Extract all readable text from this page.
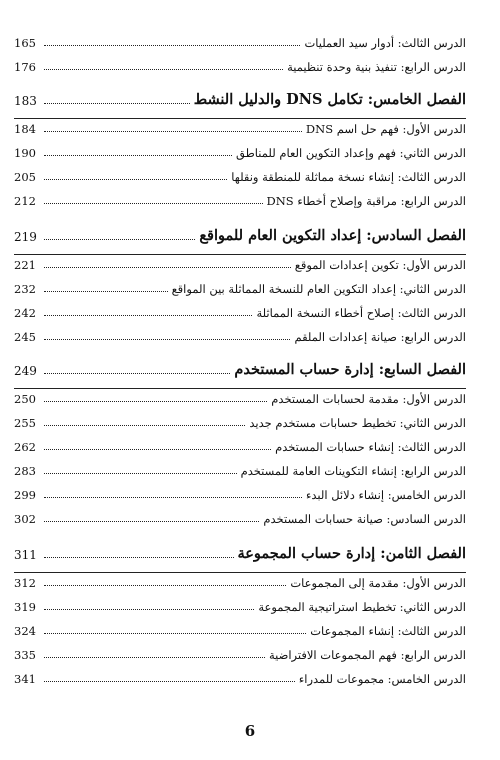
الدرس الثالث: أدوار سيد العمليات
165
الدرس الرابع: تنفيذ بنية وحدة تنظيمية
176
الفصل الخامس: تكامل DNS والدليل النشط
183
الدرس الأول: فهم حل اسم DNS
184
الدرس الثاني: فهم وإعداد التكوين العام للمناطق
190
الدرس الثالث: إنشاء نسخة مماثلة للمنطقة ونقلها
205
الدرس الرابع: مراقبة وإصلاح أخطاء DNS
212
الفصل السادس: إعداد التكوين العام للمواقع
219
الدرس الأول: تكوين إعدادات الموقع
221
الدرس الثاني: إعداد التكوين العام للنسخة المماثلة بين المواقع
232
الدرس الثالث: إصلاح أخطاء النسخة المماثلة
242
الدرس الرابع: صيانة إعدادات الملقم
245
الفصل السابع: إدارة حساب المستخدم
249
الدرس الأول: مقدمة لحسابات المستخدم
250
الدرس الثاني: تخطيط حسابات مستخدم جديد
255
الدرس الثالث: إنشاء حسابات المستخدم
262
الدرس الرابع: إنشاء التكوينات العامة للمستخدم
283
الدرس الخامس: إنشاء دلائل البدء
299
الدرس السادس: صيانة حسابات المستخدم
302
الفصل الثامن: إدارة حساب المجموعة
311
الدرس الأول: مقدمة إلى المجموعات
312
الدرس الثاني: تخطيط استراتيجية المجموعة
319
الدرس الثالث: إنشاء المجموعات
324
الدرس الرابع: فهم المجموعات الافتراضية
335
الدرس الخامس: مجموعات للمدراء
341
6
